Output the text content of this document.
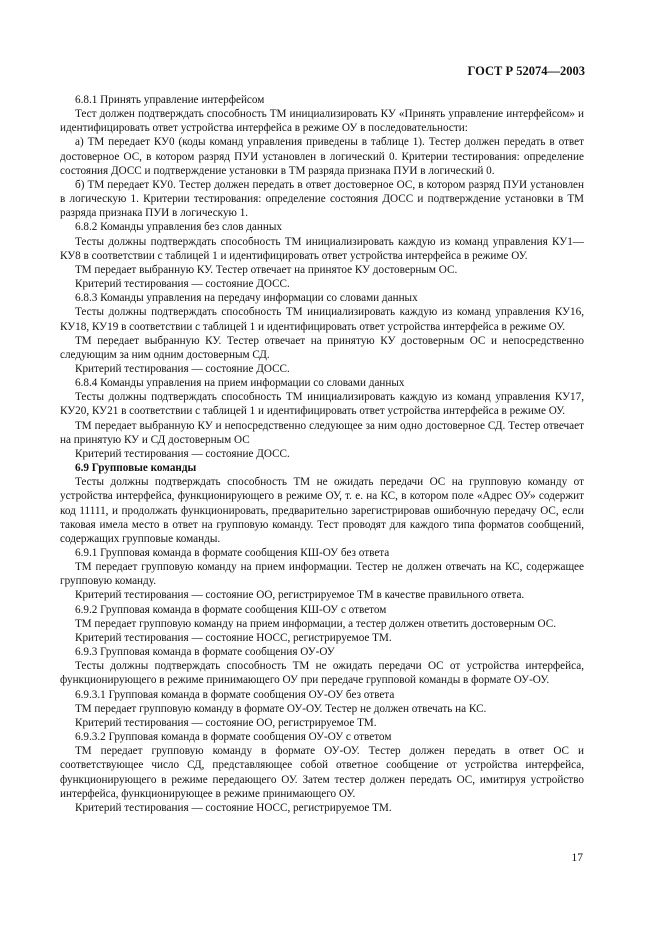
ГОСТ Р 52074—2003

6.8.1 Принять управление интерфейсом

Тест должен подтверждать способность ТМ инициализировать КУ «Принять управление интерфейсом» и идентифицировать ответ устройства интерфейса в режиме ОУ в последовательности:

а) ТМ передает КУ0 (коды команд управления приведены в таблице 1). Тестер должен передать в ответ достоверное ОС, в котором разряд ПУИ установлен в логический 0. Критерии тестирования: определение состояния ДОСС и подтверждение установки в ТМ разряда признака ПУИ в логический 0.

б) ТМ передает КУ0. Тестер должен передать в ответ достоверное ОС, в котором разряд ПУИ установлен в логическую 1. Критерии тестирования: определение состояния ДОСС и подтверждение установки в ТМ разряда признака ПУИ в логическую 1.

6.8.2 Команды управления без слов данных

Тесты должны подтверждать способность ТМ инициализировать каждую из команд управления КУ1—КУ8 в соответствии с таблицей 1 и идентифицировать ответ устройства интерфейса в режиме ОУ.

ТМ передает выбранную КУ. Тестер отвечает на принятое КУ достоверным ОС.

Критерий тестирования — состояние ДОСС.

6.8.3 Команды управления на передачу информации со словами данных

Тесты должны подтверждать способность ТМ инициализировать каждую из команд управления КУ16, КУ18, КУ19 в соответствии с таблицей 1 и идентифицировать ответ устройства интерфейса в режиме ОУ.

ТМ передает выбранную КУ. Тестер отвечает на принятую КУ достоверным ОС и непосредственно следующим за ним одним достоверным СД.

Критерий тестирования — состояние ДОСС.

6.8.4 Команды управления на прием информации со словами данных

Тесты должны подтверждать способность ТМ инициализировать каждую из команд управления КУ17, КУ20, КУ21 в соответствии с таблицей 1 и идентифицировать ответ устройства интерфейса в режиме ОУ.

ТМ передает выбранную КУ и непосредственно следующее за ним одно достоверное СД. Тестер отвечает на принятую КУ и СД достоверным ОС

Критерий тестирования — состояние ДОСС.

6.9 Групповые команды

Тесты должны подтверждать способность ТМ не ожидать передачи ОС на групповую команду от устройства интерфейса, функционирующего в режиме ОУ, т. е. на КС, в котором поле «Адрес ОУ» содержит код 11111, и продолжать функционировать, предварительно зарегистрировав ошибочную передачу ОС, если таковая имела место в ответ на групповую команду. Тест проводят для каждого типа форматов сообщений, содержащих групповые команды.

6.9.1 Групповая команда в формате сообщения КШ-ОУ без ответа

ТМ передает групповую команду на прием информации. Тестер не должен отвечать на КС, содержащее групповую команду.

Критерий тестирования — состояние ОО, регистрируемое ТМ в качестве правильного ответа.

6.9.2 Групповая команда в формате сообщения КШ-ОУ с ответом

ТМ передает групповую команду на прием информации, а тестер должен ответить достоверным ОС.

Критерий тестирования — состояние НОСС, регистрируемое ТМ.

6.9.3 Групповая команда в формате сообщения ОУ-ОУ

Тесты должны подтверждать способность ТМ не ожидать передачи ОС от устройства интерфейса, функционирующего в режиме принимающего ОУ при передаче групповой команды в формате ОУ-ОУ.

6.9.3.1 Групповая команда в формате сообщения ОУ-ОУ без ответа

ТМ передает групповую команду в формате ОУ-ОУ. Тестер не должен отвечать на КС.

Критерий тестирования — состояние ОО, регистрируемое ТМ.

6.9.3.2 Групповая команда в формате сообщения ОУ-ОУ с ответом

ТМ передает групповую команду в формате ОУ-ОУ. Тестер должен передать в ответ ОС и соответствующее число СД, представляющее собой ответное сообщение от устройства интерфейса, функционирующего в режиме передающего ОУ. Затем тестер должен передать ОС, имитируя устройство интерфейса, функционирующее в режиме принимающего ОУ.

Критерий тестирования — состояние НОСС, регистрируемое ТМ.

17
